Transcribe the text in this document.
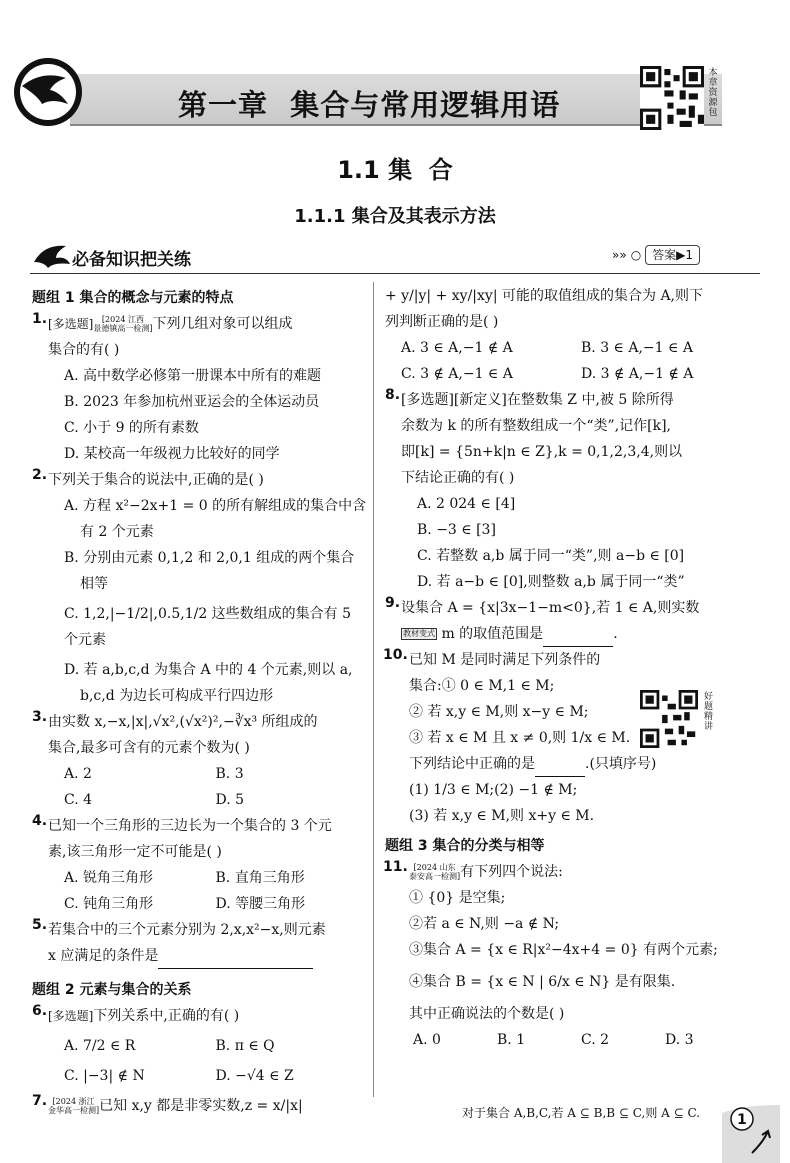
第一章  集合与常用逻辑用语
本章资源包
1.1 集  合
1.1.1 集合及其表示方法
必备知识把关练	»» ○ 答案▶1
题组 1 集合的概念与元素的特点
1. [多选题] [2024 江西
景德镇高一检测]下列几组对象可以组成
集合的有( )
A. 高中数学必修第一册课本中所有的难题
B. 2023 年参加杭州亚运会的全体运动员
C. 小于 9 的所有素数
D. 某校高一年级视力比较好的同学
2. 下列关于集合的说法中,正确的是( )
A. 方程 x²−2x+1 = 0 的所有解组成的集合中含
有 2 个元素
B. 分别由元素 0,1,2 和 2,0,1 组成的两个集合
相等
C. 1,2,|−1/2|,0.5,1/2 这些数组成的集合有 5 个元素
D. 若 a,b,c,d 为集合 A 中的 4 个元素,则以 a,
b,c,d 为边长可构成平行四边形
3. 由实数 x,−x,|x|,√x²,(√x²)²,−∛x³ 所组成的
集合,最多可含有的元素个数为( )
A. 2	B. 3
C. 4	D. 5
4. 已知一个三角形的三边长为一个集合的 3 个元
素,该三角形一定不可能是( )
A. 锐角三角形	B. 直角三角形
C. 钝角三角形	D. 等腰三角形
5. 若集合中的三个元素分别为 2,x,x²−x,则元素
x 应满足的条件是
题组 2 元素与集合的关系
6. [多选题]下列关系中,正确的有( )
A. 7/2 ∈ R	B. π ∈ Q
C. |−3| ∉ N	D. −√4 ∈ Z
7. [2024 浙江
金华高一检测]已知 x,y 都是非零实数,z = x/|x|
+ y/|y| + xy/|xy| 可能的取值组成的集合为 A,则下
列判断正确的是( )
A. 3 ∈ A,−1 ∉ A	B. 3 ∈ A,−1 ∈ A
C. 3 ∉ A,−1 ∈ A	D. 3 ∉ A,−1 ∉ A
8. [多选题][新定义]在整数集 Z 中,被 5 除所得
余数为 k 的所有整数组成一个“类”,记作[k],
即[k] = {5n+k|n ∈ Z},k = 0,1,2,3,4,则以
下结论正确的有( )
A. 2 024 ∈ [4]
B. −3 ∈ [3]
C. 若整数 a,b 属于同一“类”,则 a−b ∈ [0]
D. 若 a−b ∈ [0],则整数 a,b 属于同一“类”
9. 设集合 A = {x|3x−1−m<0},若 1 ∈ A,则实数
教材变式 m 的取值范围是	.
10. 已知 M 是同时满足下列条件的
集合:① 0 ∈ M,1 ∈ M;
② 若 x,y ∈ M,则 x−y ∈ M;
③ 若 x ∈ M 且 x ≠ 0,则 1/x ∈ M.
下列结论中正确的是	.(只填序号)
(1) 1/3 ∈ M;(2) −1 ∉ M;
(3) 若 x,y ∈ M,则 x+y ∈ M.
题组 3 集合的分类与相等
11. [2024 山东
泰安高一检测]有下列四个说法:
① {0} 是空集;
②若 a ∈ N,则 −a ∉ N;
③集合 A = {x ∈ R|x²−4x+4 = 0} 有两个元素;
④集合 B = {x ∈ N | 6/x ∈ N} 是有限集.
其中正确说法的个数是( )
A. 0	B. 1	C. 2	D. 3
好题精讲
对于集合 A,B,C,若 A ⊆ B,B ⊆ C,则 A ⊆ C.	1
